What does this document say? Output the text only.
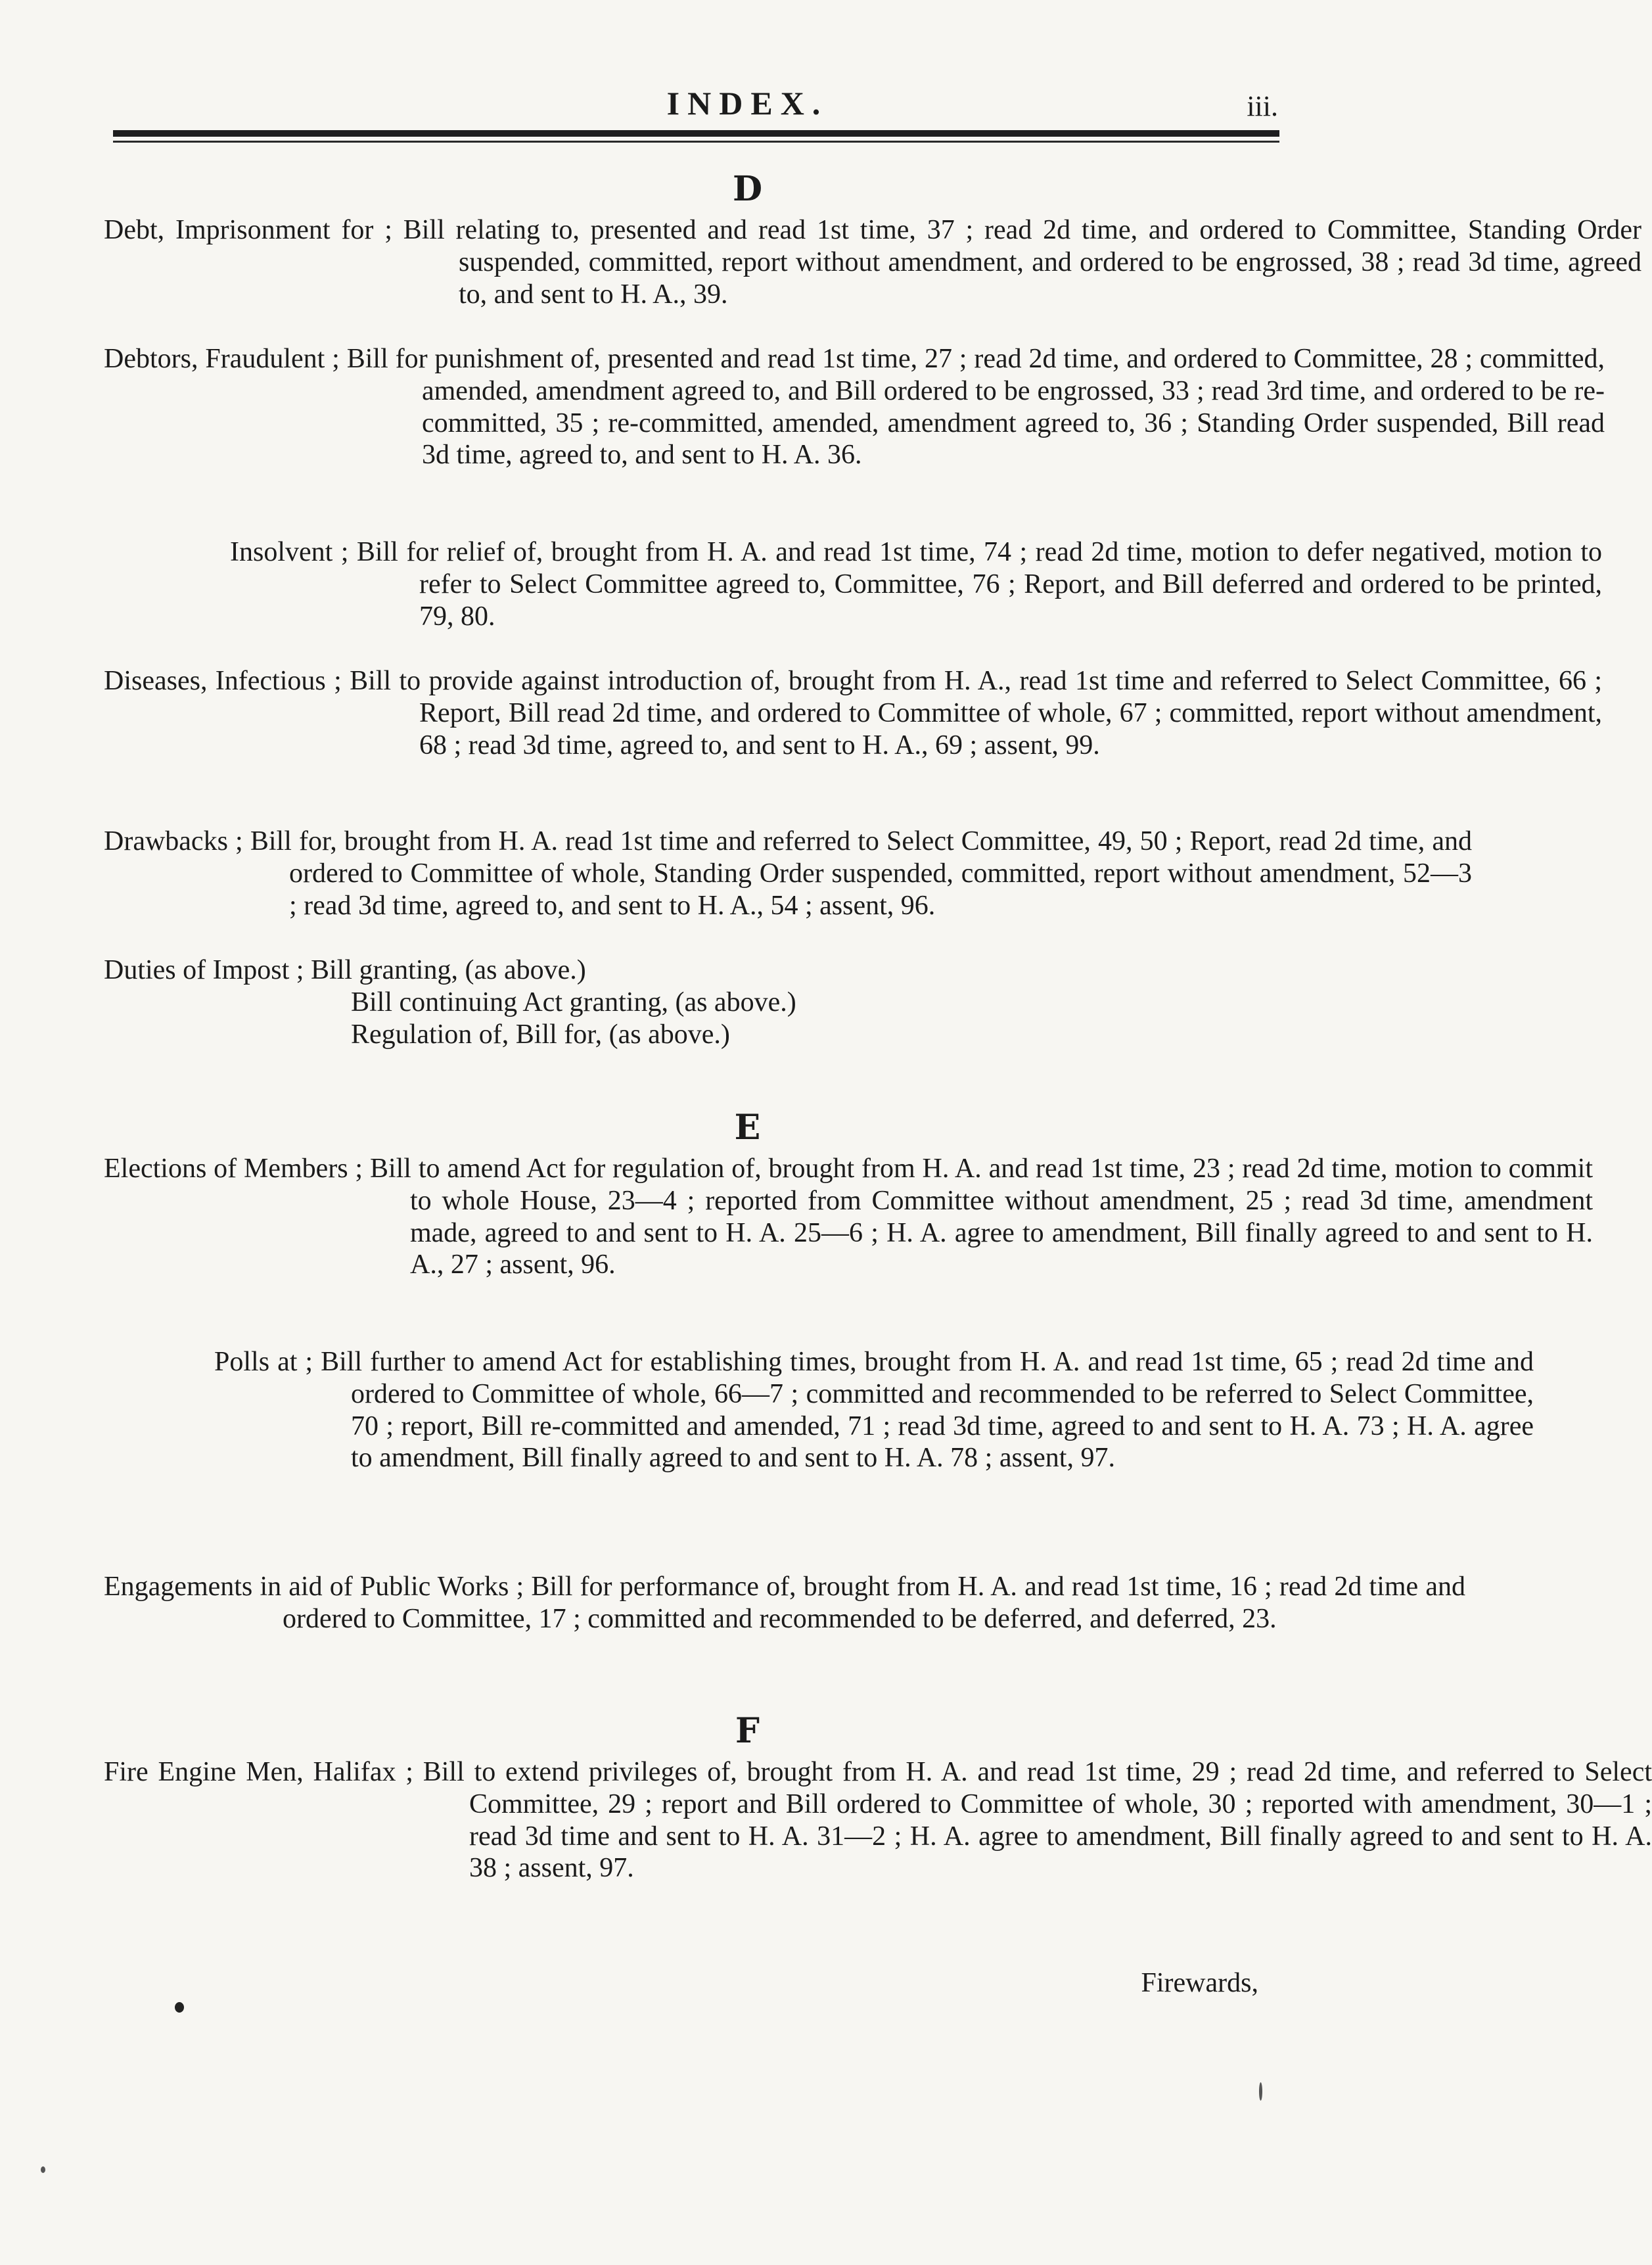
INDEX.	iii.
D

Debt, Imprisonment for ; Bill relating to, presented and read 1st time, 37 ; read 2d time, and ordered to Committee, Standing Order suspended, committed, report without amendment, and ordered to be engrossed, 38 ; read 3d time, agreed to, and sent to H. A., 39.

Debtors, Fraudulent ; Bill for punishment of, presented and read 1st time, 27 ; read 2d time, and ordered to Committee, 28 ; committed, amended, amendment agreed to, and Bill ordered to be engrossed, 33 ; read 3rd time, and ordered to be re-committed, 35 ; re-committed, amended, amendment agreed to, 36 ; Standing Order suspended, Bill read 3d time, agreed to, and sent to H. A. 36.

Insolvent ; Bill for relief of, brought from H. A. and read 1st time, 74 ; read 2d time, motion to defer negatived, motion to refer to Select Committee agreed to, Committee, 76 ; Report, and Bill deferred and ordered to be printed, 79, 80.

Diseases, Infectious ; Bill to provide against introduction of, brought from H. A., read 1st time and referred to Select Committee, 66 ; Report, Bill read 2d time, and ordered to Committee of whole, 67 ; committed, report without amendment, 68 ; read 3d time, agreed to, and sent to H. A., 69 ; assent, 99.

Drawbacks ; Bill for, brought from H. A. read 1st time and referred to Select Committee, 49, 50 ; Report, read 2d time, and ordered to Committee of whole, Standing Order suspended, committed, report without amendment, 52—3 ; read 3d time, agreed to, and sent to H. A., 54 ; assent, 96.

Duties of Impost ; Bill granting, (as above.)

Bill continuing Act granting, (as above.)

Regulation of, Bill for, (as above.)

E

Elections of Members ; Bill to amend Act for regulation of, brought from H. A. and read 1st time, 23 ; read 2d time, motion to commit to whole House, 23—4 ; reported from Committee without amendment, 25 ; read 3d time, amendment made, agreed to and sent to H. A. 25—6 ; H. A. agree to amendment, Bill finally agreed to and sent to H. A., 27 ; assent, 96.

Polls at ; Bill further to amend Act for establishing times, brought from H. A. and read 1st time, 65 ; read 2d time and ordered to Committee of whole, 66—7 ; committed and recommended to be referred to Select Committee, 70 ; report, Bill re-committed and amended, 71 ; read 3d time, agreed to and sent to H. A. 73 ; H. A. agree to amendment, Bill finally agreed to and sent to H. A. 78 ; assent, 97.

Engagements in aid of Public Works ; Bill for performance of, brought from H. A. and read 1st time, 16 ; read 2d time and ordered to Committee, 17 ; committed and recommended to be deferred, and deferred, 23.

F

Fire Engine Men, Halifax ; Bill to extend privileges of, brought from H. A. and read 1st time, 29 ; read 2d time, and referred to Select Committee, 29 ; report and Bill ordered to Committee of whole, 30 ; reported with amendment, 30—1 ; read 3d time and sent to H. A. 31—2 ; H. A. agree to amendment, Bill finally agreed to and sent to H. A. 38 ; assent, 97.

Firewards,
